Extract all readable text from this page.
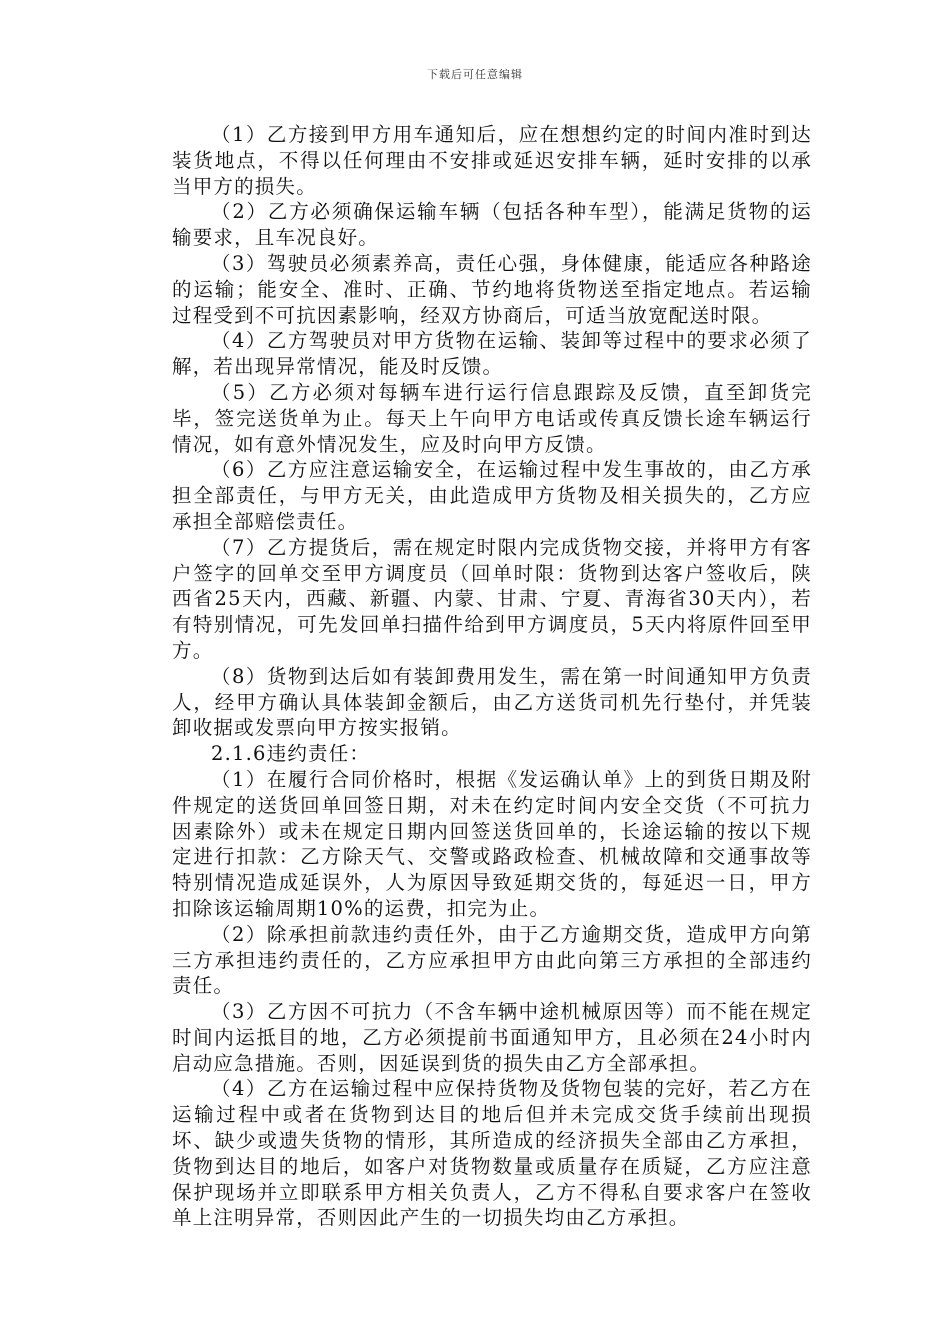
下载后可任意编辑

（1）乙方接到甲方用车通知后，应在想想约定的时间内准时到达装货地点，不得以任何理由不安排或延迟安排车辆，延时安排的以承当甲方的损失。

（2）乙方必须确保运输车辆（包括各种车型），能满足货物的运输要求，且车况良好。

（3）驾驶员必须素养高，责任心强，身体健康，能适应各种路途的运输；能安全、准时、正确、节约地将货物送至指定地点。若运输过程受到不可抗因素影响，经双方协商后，可适当放宽配送时限。

（4）乙方驾驶员对甲方货物在运输、装卸等过程中的要求必须了解，若出现异常情况，能及时反馈。

（5）乙方必须对每辆车进行运行信息跟踪及反馈，直至卸货完毕，签完送货单为止。每天上午向甲方电话或传真反馈长途车辆运行情况，如有意外情况发生，应及时向甲方反馈。

（6）乙方应注意运输安全，在运输过程中发生事故的，由乙方承担全部责任，与甲方无关，由此造成甲方货物及相关损失的，乙方应承担全部赔偿责任。

（7）乙方提货后，需在规定时限内完成货物交接，并将甲方有客户签字的回单交至甲方调度员（回单时限：货物到达客户签收后，陕西省25天内，西藏、新疆、内蒙、甘肃、宁夏、青海省30天内），若有特别情况，可先发回单扫描件给到甲方调度员，5天内将原件回至甲方。

（8）货物到达后如有装卸费用发生，需在第一时间通知甲方负责人，经甲方确认具体装卸金额后，由乙方送货司机先行垫付，并凭装卸收据或发票向甲方按实报销。

2.1.6违约责任：

（1）在履行合同价格时，根据《发运确认单》上的到货日期及附件规定的送货回单回签日期，对未在约定时间内安全交货（不可抗力因素除外）或未在规定日期内回签送货回单的，长途运输的按以下规定进行扣款：乙方除天气、交警或路政检查、机械故障和交通事故等特别情况造成延误外，人为原因导致延期交货的，每延迟一日，甲方扣除该运输周期10%的运费，扣完为止。

（2）除承担前款违约责任外，由于乙方逾期交货，造成甲方向第三方承担违约责任的，乙方应承担甲方由此向第三方承担的全部违约责任。

（3）乙方因不可抗力（不含车辆中途机械原因等）而不能在规定时间内运抵目的地，乙方必须提前书面通知甲方，且必须在24小时内启动应急措施。否则，因延误到货的损失由乙方全部承担。

（4）乙方在运输过程中应保持货物及货物包装的完好，若乙方在运输过程中或者在货物到达目的地后但并未完成交货手续前出现损坏、缺少或遗失货物的情形，其所造成的经济损失全部由乙方承担，货物到达目的地后，如客户对货物数量或质量存在质疑，乙方应注意保护现场并立即联系甲方相关负责人，乙方不得私自要求客户在签收单上注明异常，否则因此产生的一切损失均由乙方承担。
